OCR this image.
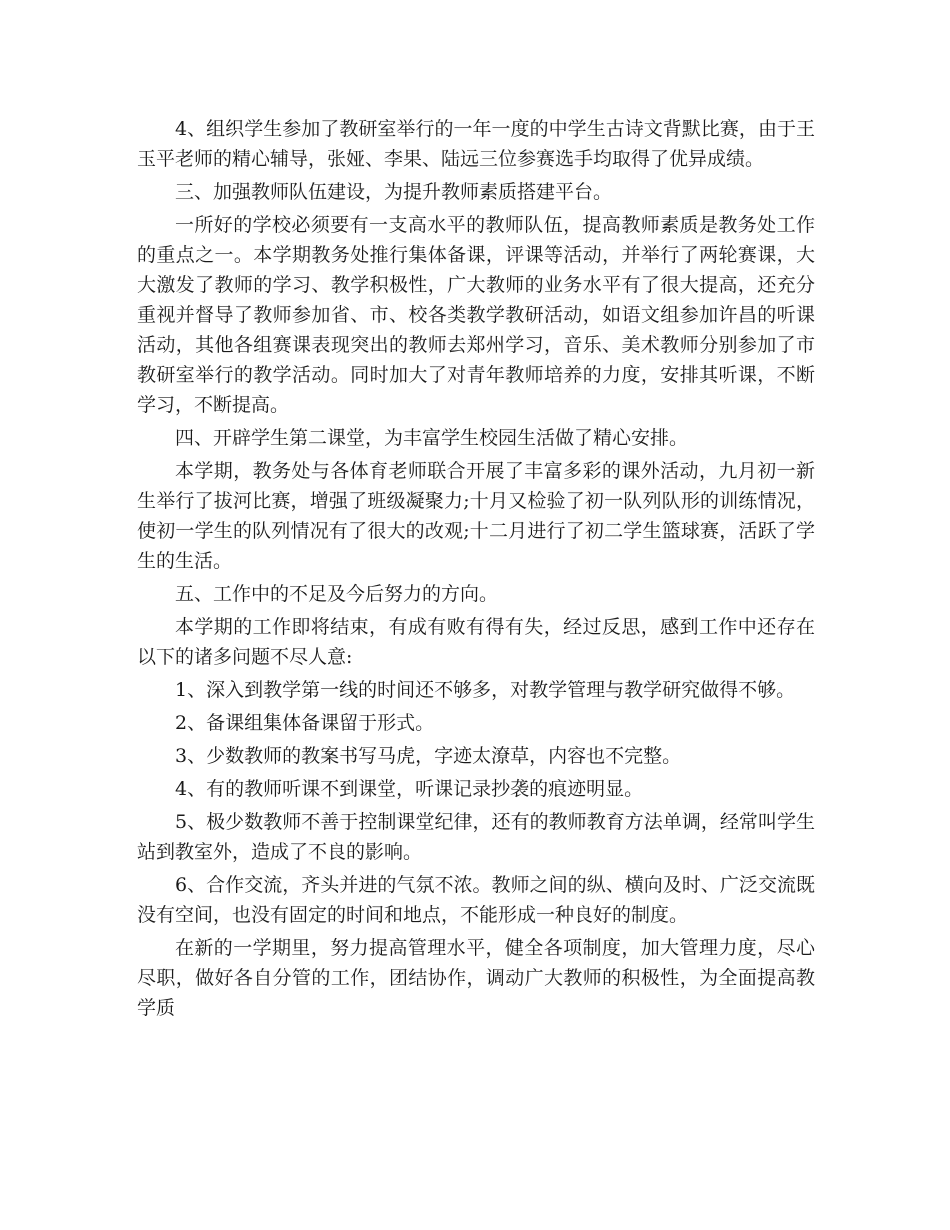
4、组织学生参加了教研室举行的一年一度的中学生古诗文背默比赛，由于王玉平老师的精心辅导，张娅、李果、陆远三位参赛选手均取得了优异成绩。

三、加强教师队伍建设，为提升教师素质搭建平台。

一所好的学校必须要有一支高水平的教师队伍，提高教师素质是教务处工作的重点之一。本学期教务处推行集体备课，评课等活动，并举行了两轮赛课，大大激发了教师的学习、教学积极性，广大教师的业务水平有了很大提高，还充分重视并督导了教师参加省、市、校各类教学教研活动，如语文组参加许昌的听课活动，其他各组赛课表现突出的教师去郑州学习，音乐、美术教师分别参加了市教研室举行的教学活动。同时加大了对青年教师培养的力度，安排其听课，不断学习，不断提高。

四、开辟学生第二课堂，为丰富学生校园生活做了精心安排。

本学期，教务处与各体育老师联合开展了丰富多彩的课外活动，九月初一新生举行了拔河比赛，增强了班级凝聚力;十月又检验了初一队列队形的训练情况，使初一学生的队列情况有了很大的改观;十二月进行了初二学生篮球赛，活跃了学生的生活。

五、工作中的不足及今后努力的方向。

本学期的工作即将结束，有成有败有得有失，经过反思，感到工作中还存在以下的诸多问题不尽人意:

1、深入到教学第一线的时间还不够多，对教学管理与教学研究做得不够。

2、备课组集体备课留于形式。

3、少数教师的教案书写马虎，字迹太潦草，内容也不完整。

4、有的教师听课不到课堂，听课记录抄袭的痕迹明显。

5、极少数教师不善于控制课堂纪律，还有的教师教育方法单调，经常叫学生站到教室外，造成了不良的影响。

6、合作交流，齐头并进的气氛不浓。教师之间的纵、横向及时、广泛交流既没有空间，也没有固定的时间和地点，不能形成一种良好的制度。

在新的一学期里，努力提高管理水平，健全各项制度，加大管理力度，尽心尽职，做好各自分管的工作，团结协作，调动广大教师的积极性，为全面提高教学质
